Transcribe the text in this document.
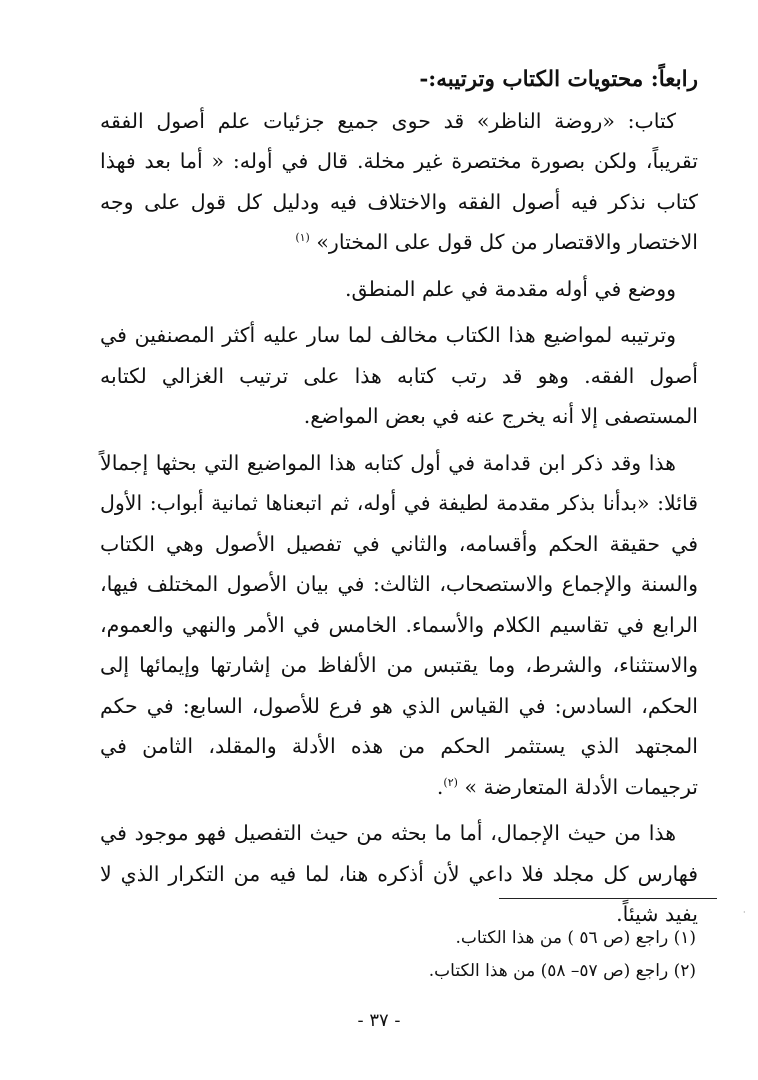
رابعاً: محتويات الكتاب وترتيبه:-

كتاب: «روضة الناظر» قد حوى جميع جزئيات علم أصول الفقه تقريباً، ولكن بصورة مختصرة غير مخلة. قال في أوله: « أما بعد فهذا كتاب نذكر فيه أصول الفقه والاختلاف فيه ودليل كل قول على وجه الاختصار والاقتصار من كل قول على المختار» $^{(١)}$

ووضع في أوله مقدمة في علم المنطق.

وترتيبه لمواضيع هذا الكتاب مخالف لما سار عليه أكثر المصنفين في أصول الفقه. وهو قد رتب كتابه هذا على ترتيب الغزالي لكتابه المستصفى إلا أنه يخرج عنه في بعض المواضع.

هذا وقد ذكر ابن قدامة في أول كتابه هذا المواضيع التي بحثها إجمالاً قائلا: «بدأنا بذكر مقدمة لطيفة في أوله، ثم اتبعناها ثمانية أبواب: الأول في حقيقة الحكم وأقسامه، والثاني في تفصيل الأصول وهي الكتاب والسنة والإجماع والاستصحاب، الثالث: في بيان الأصول المختلف فيها، الرابع في تقاسيم الكلام والأسماء. الخامس في الأمر والنهي والعموم، والاستثناء، والشرط، وما يقتبس من الألفاظ من إشارتها وإيمائها إلى الحكم، السادس: في القياس الذي هو فرع للأصول، السابع: في حكم المجتهد الذي يستثمر الحكم من هذه الأدلة والمقلد، الثامن في ترجيمات الأدلة المتعارضة » $^{(٢)}$.

هذا من حيث الإجمال، أما ما بحثه من حيث التفصيل فهو موجود في فهارس كل مجلد فلا داعي لأن أذكره هنا، لما فيه من التكرار الذي لا يفيد شيئاً.

(١) راجع (ص ٥٦ ) من هذا الكتاب.

(٢) راجع (ص ٥٧– ٥٨) من هذا الكتاب.

- ٣٧ -
·
